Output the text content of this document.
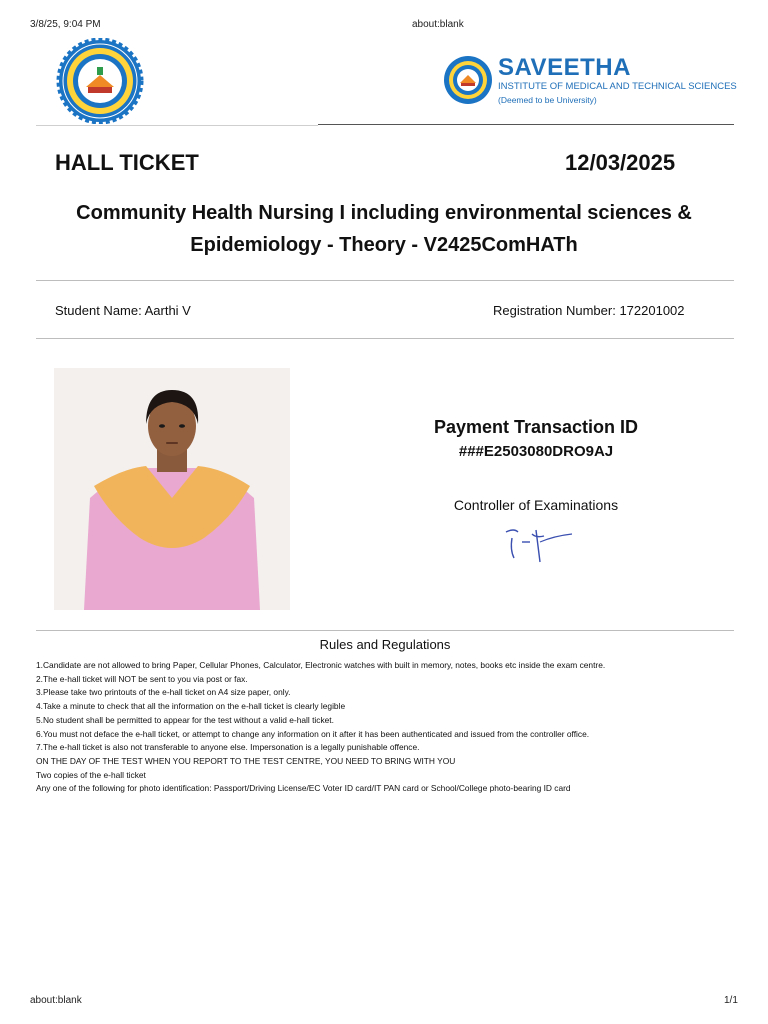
3/8/25, 9:04 PM	about:blank
SAVEETHA
INSTITUTE OF MEDICAL AND TECHNICAL SCIENCES
(Deemed to be University)
HALL TICKET	12/03/2025
Community Health Nursing I including environmental sciences &
Epidemiology - Theory - V2425ComHATh
Student Name: Aarthi V	Registration Number: 172201002
Payment Transaction ID
###E2503080DRO9AJ
Controller of Examinations
Rules and Regulations
1.Candidate are not allowed to bring Paper, Cellular Phones, Calculator, Electronic watches with built in memory, notes, books etc inside the exam centre.
2.The e-hall ticket will NOT be sent to you via post or fax.
3.Please take two printouts of the e-hall ticket on A4 size paper, only.
4.Take a minute to check that all the information on the e-hall ticket is clearly legible
5.No student shall be permitted to appear for the test without a valid e-hall ticket.
6.You must not deface the e-hall ticket, or attempt to change any information on it after it has been authenticated and issued from the controller office.
7.The e-hall ticket is also not transferable to anyone else. Impersonation is a legally punishable offence.
ON THE DAY OF THE TEST WHEN YOU REPORT TO THE TEST CENTRE, YOU NEED TO BRING WITH YOU
Two copies of the e-hall ticket
Any one of the following for photo identification: Passport/Driving License/EC Voter ID card/IT PAN card or School/College photo-bearing ID card
about:blank	1/1
